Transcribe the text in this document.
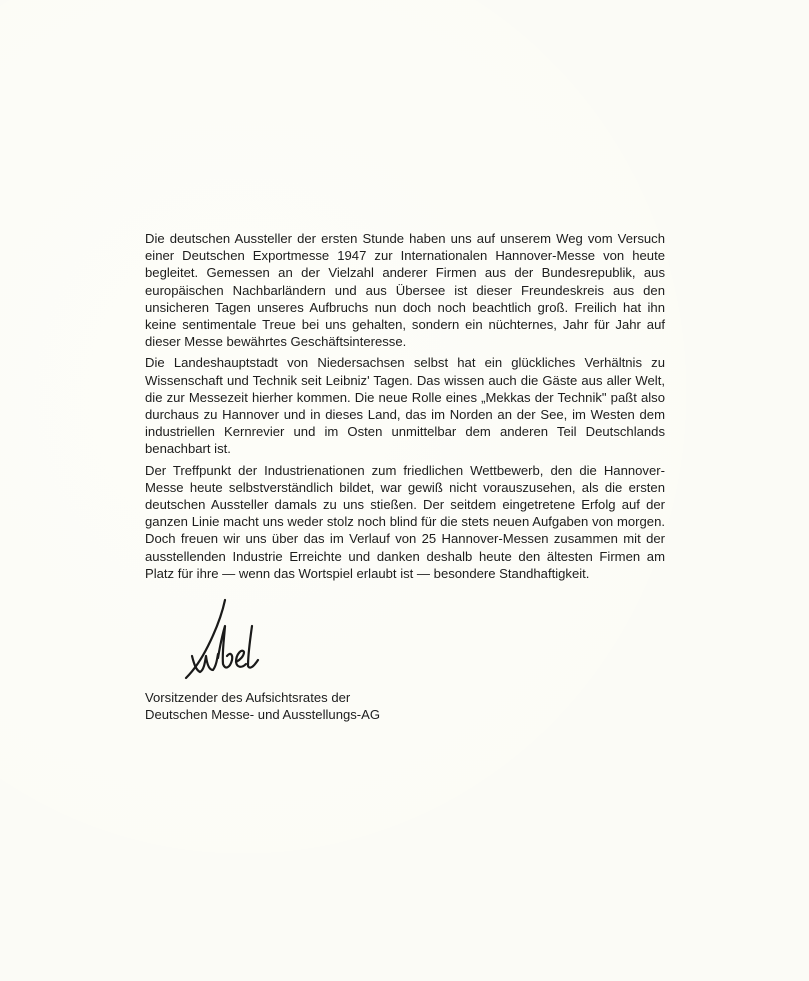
Die deutschen Aussteller der ersten Stunde haben uns auf unserem Weg vom Versuch einer Deutschen Exportmesse 1947 zur Internationalen Hannover-Messe von heute begleitet. Gemessen an der Vielzahl anderer Firmen aus der Bundesrepublik, aus europäischen Nachbarländern und aus Übersee ist dieser Freundeskreis aus den unsicheren Tagen unseres Aufbruchs nun doch noch beachtlich groß. Freilich hat ihn keine sentimentale Treue bei uns gehalten, sondern ein nüchternes, Jahr für Jahr auf dieser Messe bewährtes Geschäftsinteresse.

Die Landeshauptstadt von Niedersachsen selbst hat ein glückliches Verhältnis zu Wissenschaft und Technik seit Leibniz' Tagen. Das wissen auch die Gäste aus aller Welt, die zur Messezeit hierher kommen. Die neue Rolle eines „Mekkas der Technik" paßt also durchaus zu Hannover und in dieses Land, das im Norden an der See, im Westen dem industriellen Kernrevier und im Osten unmittelbar dem anderen Teil Deutschlands benachbart ist.

Der Treffpunkt der Industrienationen zum friedlichen Wettbewerb, den die Hannover-Messe heute selbstverständlich bildet, war gewiß nicht vorauszusehen, als die ersten deutschen Aussteller damals zu uns stießen. Der seitdem eingetretene Erfolg auf der ganzen Linie macht uns weder stolz noch blind für die stets neuen Aufgaben von morgen. Doch freuen wir uns über das im Verlauf von 25 Hannover-Messen zusammen mit der ausstellenden Industrie Erreichte und danken deshalb heute den ältesten Firmen am Platz für ihre — wenn das Wortspiel erlaubt ist — besondere Standhaftigkeit.

Vorsitzender des Aufsichtsrates der
Deutschen Messe- und Ausstellungs-AG
